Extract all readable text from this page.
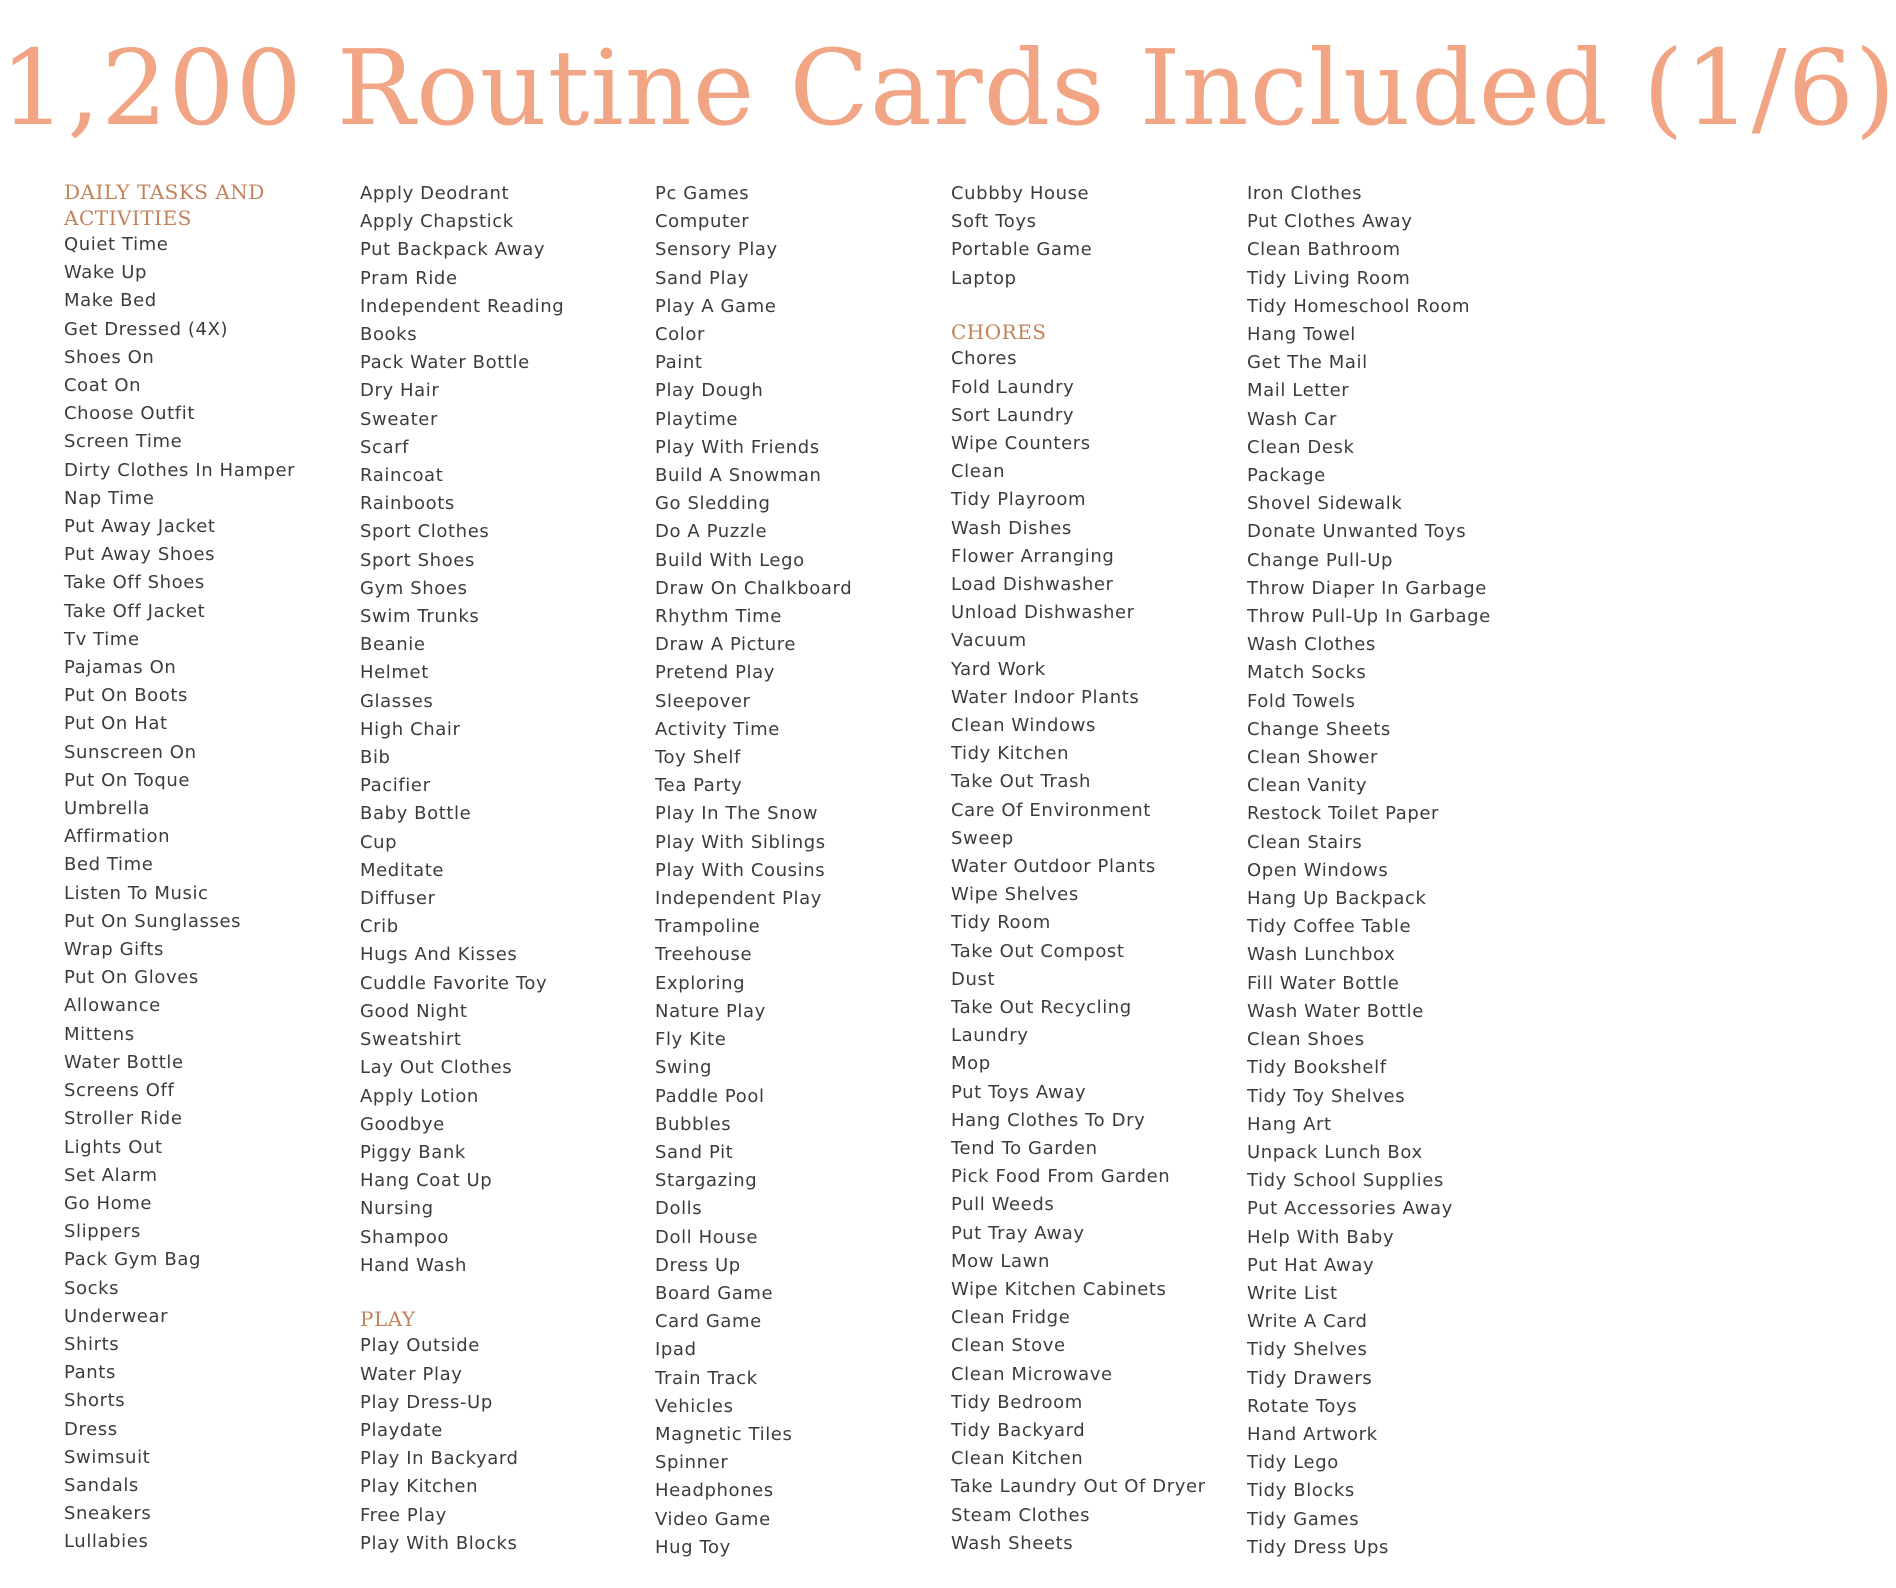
1,200 Routine Cards Included (1/6)
DAILY TASKS AND ACTIVITIES
Quiet Time
Wake Up
Make Bed
Get Dressed (4X)
Shoes On
Coat On
Choose Outfit
Screen Time
Dirty Clothes In Hamper
Nap Time
Put Away Jacket
Put Away Shoes
Take Off Shoes
Take Off Jacket
Tv Time
Pajamas On
Put On Boots
Put On Hat
Sunscreen On
Put On Toque
Umbrella
Affirmation
Bed Time
Listen To Music
Put On Sunglasses
Wrap Gifts
Put On Gloves
Allowance
Mittens
Water Bottle
Screens Off
Stroller Ride
Lights Out
Set Alarm
Go Home
Slippers
Pack Gym Bag
Socks
Underwear
Shirts
Pants
Shorts
Dress
Swimsuit
Sandals
Sneakers
Lullabies
Apply Deodrant
Apply Chapstick
Put Backpack Away
Pram Ride
Independent Reading
Books
Pack Water Bottle
Dry Hair
Sweater
Scarf
Raincoat
Rainboots
Sport Clothes
Sport Shoes
Gym Shoes
Swim Trunks
Beanie
Helmet
Glasses
High Chair
Bib
Pacifier
Baby Bottle
Cup
Meditate
Diffuser
Crib
Hugs And Kisses
Cuddle Favorite Toy
Good Night
Sweatshirt
Lay Out Clothes
Apply Lotion
Goodbye
Piggy Bank
Hang Coat Up
Nursing
Shampoo
Hand Wash
PLAY
Play Outside
Water Play
Play Dress-Up
Playdate
Play In Backyard
Play Kitchen
Free Play
Play With Blocks
Pc Games
Computer
Sensory Play
Sand Play
Play A Game
Color
Paint
Play Dough
Playtime
Play With Friends
Build A Snowman
Go Sledding
Do A Puzzle
Build With Lego
Draw On Chalkboard
Rhythm Time
Draw A Picture
Pretend Play
Sleepover
Activity Time
Toy Shelf
Tea Party
Play In The Snow
Play With Siblings
Play With Cousins
Independent Play
Trampoline
Treehouse
Exploring
Nature Play
Fly Kite
Swing
Paddle Pool
Bubbles
Sand Pit
Stargazing
Dolls
Doll House
Dress Up
Board Game
Card Game
Ipad
Train Track
Vehicles
Magnetic Tiles
Spinner
Headphones
Video Game
Hug Toy
Cubbby House
Soft Toys
Portable Game
Laptop
CHORES
Chores
Fold Laundry
Sort Laundry
Wipe Counters
Clean
Tidy Playroom
Wash Dishes
Flower Arranging
Load Dishwasher
Unload Dishwasher
Vacuum
Yard Work
Water Indoor Plants
Clean Windows
Tidy Kitchen
Take Out Trash
Care Of Environment
Sweep
Water Outdoor Plants
Wipe Shelves
Tidy Room
Take Out Compost
Dust
Take Out Recycling
Laundry
Mop
Put Toys Away
Hang Clothes To Dry
Tend To Garden
Pick Food From Garden
Pull Weeds
Put Tray Away
Mow Lawn
Wipe Kitchen Cabinets
Clean Fridge
Clean Stove
Clean Microwave
Tidy Bedroom
Tidy Backyard
Clean Kitchen
Take Laundry Out Of Dryer
Steam Clothes
Wash Sheets
Iron Clothes
Put Clothes Away
Clean Bathroom
Tidy Living Room
Tidy Homeschool Room
Hang Towel
Get The Mail
Mail Letter
Wash Car
Clean Desk
Package
Shovel Sidewalk
Donate Unwanted Toys
Change Pull-Up
Throw Diaper In Garbage
Throw Pull-Up In Garbage
Wash Clothes
Match Socks
Fold Towels
Change Sheets
Clean Shower
Clean Vanity
Restock Toilet Paper
Clean Stairs
Open Windows
Hang Up Backpack
Tidy Coffee Table
Wash Lunchbox
Fill Water Bottle
Wash Water Bottle
Clean Shoes
Tidy Bookshelf
Tidy Toy Shelves
Hang Art
Unpack Lunch Box
Tidy School Supplies
Put Accessories Away
Help With Baby
Put Hat Away
Write List
Write A Card
Tidy Shelves
Tidy Drawers
Rotate Toys
Hand Artwork
Tidy Lego
Tidy Blocks
Tidy Games
Tidy Dress Ups
